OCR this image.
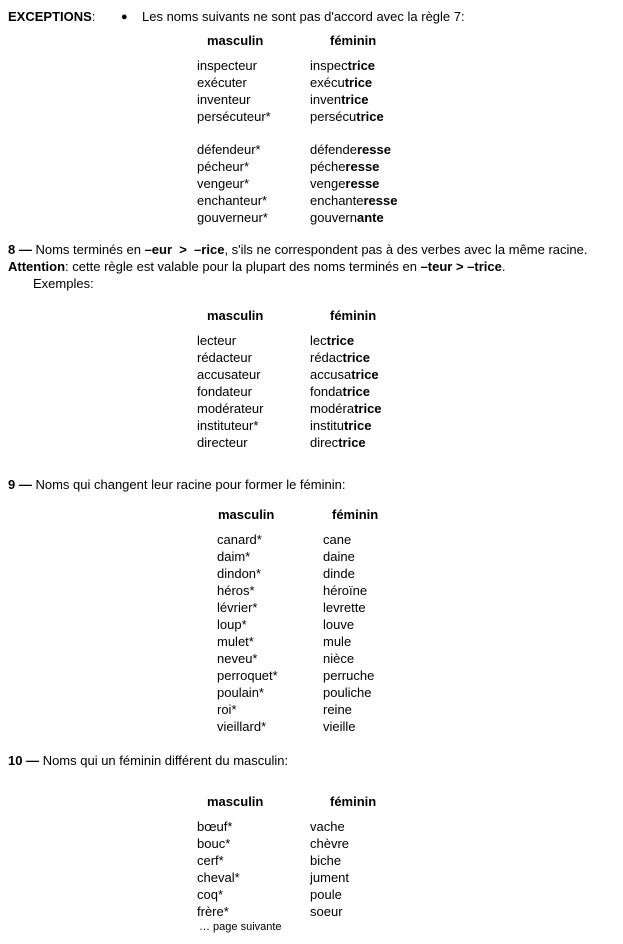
EXCEPTIONS:	●	Les noms suivants ne sont pas d'accord avec la règle 7:
masculin	féminin
inspecteur	inspectrice
exécuter	exécutrice
inventeur	inventrice
persécuteur*	persécutrice
défendeur*	défenderesse
pécheur*	pécheresse
vengeur*	vengeresse
enchanteur*	enchanteresse
gouverneur*	gouvernante
8 — Noms terminés en –eur  >  –rice, s'ils ne correspondent pas à des verbes avec la même racine.  Attention: cette règle est valable pour la plupart des noms terminés en –teur > –trice.
Exemples:
masculin	féminin
lecteur	lectrice
rédacteur	rédactrice
accusateur	accusatrice
fondateur	fondatrice
modérateur	modératrice
instituteur*	institutrice
directeur	directrice
9 — Noms qui changent leur racine pour former le féminin:
masculin	féminin
canard*	cane
daim*	daine
dindon*	dinde
héros*	héroïne
lévrier*	levrette
loup*	louve
mulet*	mule
neveu*	nièce
perroquet*	perruche
poulain*	pouliche
roi*	reine
vieillard*	vieille
10 — Noms qui un féminin différent du masculin:
masculin	féminin
bœuf*	vache
bouc*	chèvre
cerf*	biche
cheval*	jument
coq*	poule
frère*	soeur
… page suivante
